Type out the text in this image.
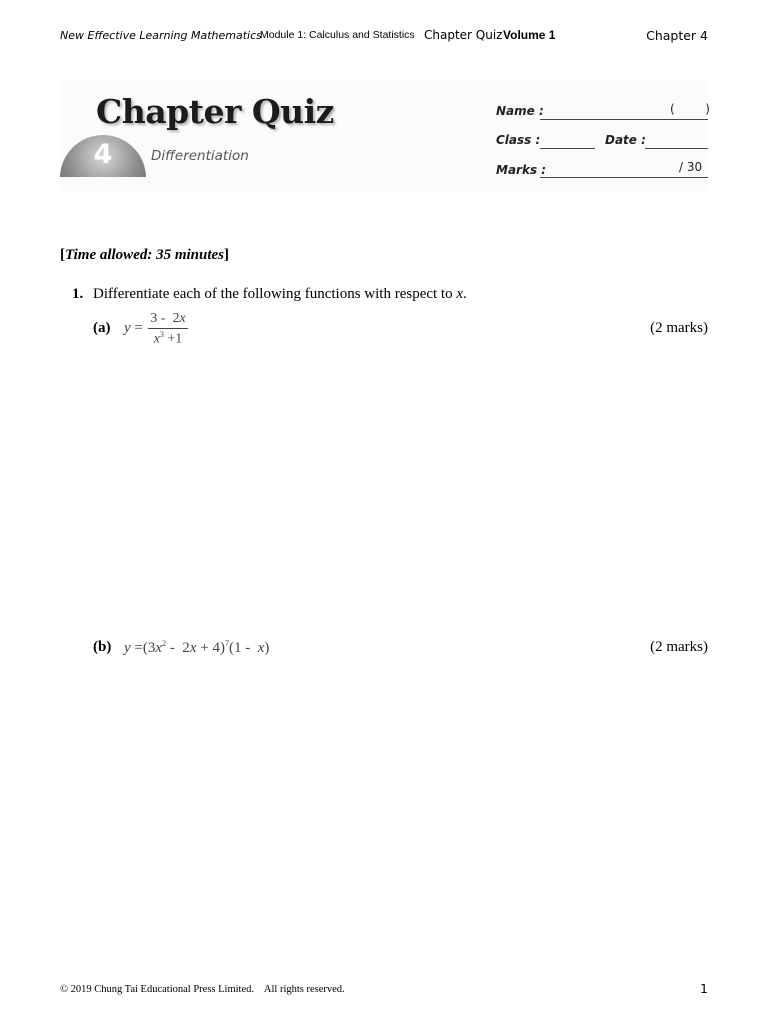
New Effective Learning Mathematics
Module 1: Calculus and Statistics Chapter Quiz Volume 1	Chapter 4
Chapter Quiz
4	Differentiation
Name :	(        )
Class :	Date :
Marks :	/ 30
[Time allowed: 35 minutes]
1. Differentiate each of the following functions with respect to x.
(a) y =
3 -  2x
$x^3 +1$
(2 marks)
(b) $y =(3x^2 - 2x + 4)^7(1 - x)$	(2 marks)
© 2019 Chung Tai Educational Press Limited.    All rights reserved.	1
